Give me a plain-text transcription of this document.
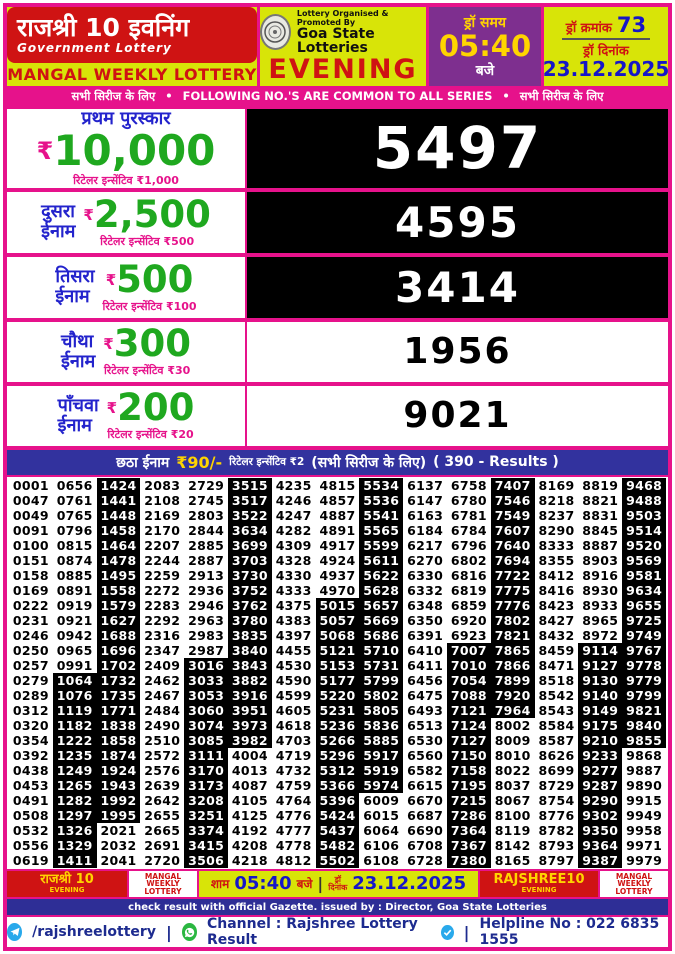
राजश्री 10 इवनिंग
Government Lottery
MANGAL WEEKLY LOTTERY
Lottery Organised & Promoted By
Goa State Lotteries
EVENING
ड्रॉ समय
05:40
बजे
ड्रॉ क्रमांक 73
ड्रॉ दिनांक
23.12.2025
सभी सिरीज के लिए • FOLLOWING NO.'S ARE COMMON TO ALL SERIES • सभी सिरीज के लिए
प्रथम पुरस्कार
₹ 10,000
रिटेलर इन्सेंटिव ₹1,000	5497
दुसरा
ईनाम
₹ 2,500
रिटेलर इन्सेंटिव ₹500	4595
तिसरा
ईनाम
₹ 500
रिटेलर इन्सेंटिव ₹100	3414
चौथा
ईनाम
₹ 300
रिटेलर इन्सेंटिव ₹30	1956
पाँचवा
ईनाम
₹ 200
रिटेलर इन्सेंटिव ₹20	9021
छठा ईनाम ₹90/- रिटेलर इन्सेंटिव ₹2 (सभी सिरीज के लिए) ( 390 - Results )
0001 0656 1424 2083 2729 3515 4235 4815 5534 6137 6758 7407 8169 8819 9468
0047 0761 1441 2108 2745 3517 4246 4857 5536 6147 6780 7546 8218 8821 9488
0049 0765 1448 2169 2803 3522 4247 4887 5541 6163 6781 7549 8237 8831 9503
0091 0796 1458 2170 2844 3634 4282 4891 5565 6184 6784 7607 8290 8845 9514
0100 0815 1464 2207 2885 3699 4309 4917 5599 6217 6796 7640 8333 8887 9520
0151 0874 1478 2244 2887 3703 4328 4924 5611 6270 6802 7694 8355 8903 9569
0158 0885 1495 2259 2913 3730 4330 4937 5622 6330 6816 7722 8412 8916 9581
0169 0891 1558 2272 2936 3752 4333 4970 5628 6332 6819 7775 8416 8930 9634
0222 0919 1579 2283 2946 3762 4375 5015 5657 6348 6859 7776 8423 8933 9655
0231 0921 1627 2292 2963 3780 4383 5057 5669 6350 6920 7802 8427 8965 9725
0246 0942 1688 2316 2983 3835 4397 5068 5686 6391 6923 7821 8432 8972 9749
0250 0965 1696 2347 2987 3840 4455 5121 5710 6410 7007 7865 8459 9114 9767
0257 0991 1702 2409 3016 3843 4530 5153 5731 6411 7010 7866 8471 9127 9778
0279 1064 1732 2462 3033 3882 4590 5177 5799 6456 7054 7899 8518 9130 9779
0289 1076 1735 2467 3053 3916 4599 5220 5802 6475 7088 7920 8542 9140 9799
0312 1119 1771 2484 3060 3951 4605 5231 5805 6493 7121 7964 8543 9149 9821
0320 1182 1838 2490 3074 3973 4618 5236 5836 6513 7124 8002 8584 9175 9840
0354 1222 1858 2510 3085 3982 4703 5266 5885 6530 7127 8009 8587 9210 9855
0392 1235 1874 2572 3111 4004 4719 5296 5917 6560 7150 8010 8626 9233 9868
0438 1249 1924 2576 3170 4013 4732 5312 5919 6582 7158 8022 8699 9277 9887
0453 1265 1943 2639 3173 4087 4759 5366 5974 6615 7195 8037 8729 9287 9890
0491 1282 1992 2642 3208 4105 4764 5396 6009 6670 7215 8067 8754 9290 9915
0508 1297 1995 2655 3251 4125 4776 5424 6015 6687 7286 8100 8776 9302 9949
0532 1326 2021 2665 3374 4192 4777 5437 6064 6690 7364 8119 8782 9350 9958
0556 1329 2032 2691 3415 4208 4778 5482 6106 6708 7367 8142 8793 9364 9971
0619 1411 2041 2720 3506 4218 4812 5502 6108 6728 7380 8165 8797 9387 9979
राजश्री 10
EVENING
MANGAL
WEEKLY
LOTTERY शाम 05:40 बजे | ड्रॉ
दिनांक 23.12.2025 RAJSHREE10
EVENING
MANGAL
WEEKLY
LOTTERY
check result with official Gazette. issued by : Director, Goa State Lotteries
/rajshreelottery |	Channel : Rajshree Lottery Result	| Helpline No : 022 6835 1555
